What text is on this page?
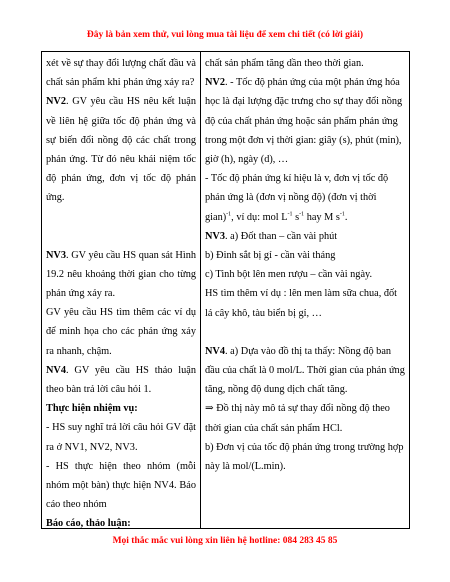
Đây là bản xem thử, vui lòng mua tài liệu để xem chi tiết (có lời giải)

xét về sự thay đổi lượng chất đầu và chất sản phẩm khi phản ứng xảy ra?

NV2. GV yêu cầu HS nêu kết luận về liên hệ giữa tốc độ phản ứng và sự biến đổi nồng độ các chất trong phản ứng. Từ đó nêu khái niệm tốc độ phản ứng, đơn vị tốc độ phản ứng.

NV3. GV yêu cầu HS quan sát Hình 19.2 nêu khoảng thời gian cho từng phản ứng xảy ra.

GV yêu cầu HS tìm thêm các ví dụ để minh họa cho các phản ứng xảy ra nhanh, chậm.

NV4. GV yêu cầu HS thảo luận theo bàn trả lời câu hỏi 1.

Thực hiện nhiệm vụ:

- HS suy nghĩ trả lời câu hỏi GV đặt ra ở NV1, NV2, NV3.

- HS thực hiện theo nhóm (mỗi nhóm một bàn) thực hiện NV4. Báo cáo theo nhóm

Báo cáo, thảo luận:

chất sản phẩm tăng dần theo thời gian.

NV2. - Tốc độ phản ứng của một phản ứng hóa học là đại lượng đặc trưng cho sự thay đổi nồng độ của chất phản ứng hoặc sản phẩm phản ứng trong một đơn vị thời gian: giây (s), phút (min), giờ (h), ngày (d), …

- Tốc độ phản ứng kí hiệu là v, đơn vị tốc độ phản ứng là (đơn vị nồng độ) (đơn vị thời gian)$^{-1}$, ví dụ: mol $L^{-1}$ $s^{-1}$ hay M $s^{-1}$.

NV3. a) Đốt than – cần vài phút

b) Đinh sắt bị gỉ - cần vài tháng

c) Tinh bột lên men rượu – cần vài ngày.

HS tìm thêm ví dụ : lên men làm sữa chua, đốt lá cây khô, tàu biển bị gỉ, …

NV4. a) Dựa vào đồ thị ta thấy: Nồng độ ban đầu của chất là 0 mol/L. Thời gian của phản ứng tăng, nồng độ dung dịch chất tăng.

⇒ Đồ thị này mô tả sự thay đổi nồng độ theo thời gian của chất sản phẩm HCl.

b) Đơn vị của tốc độ phản ứng trong trường hợp này là mol/(L.min).

Mọi thắc mắc vui lòng xin liên hệ hotline: 084 283 45 85
